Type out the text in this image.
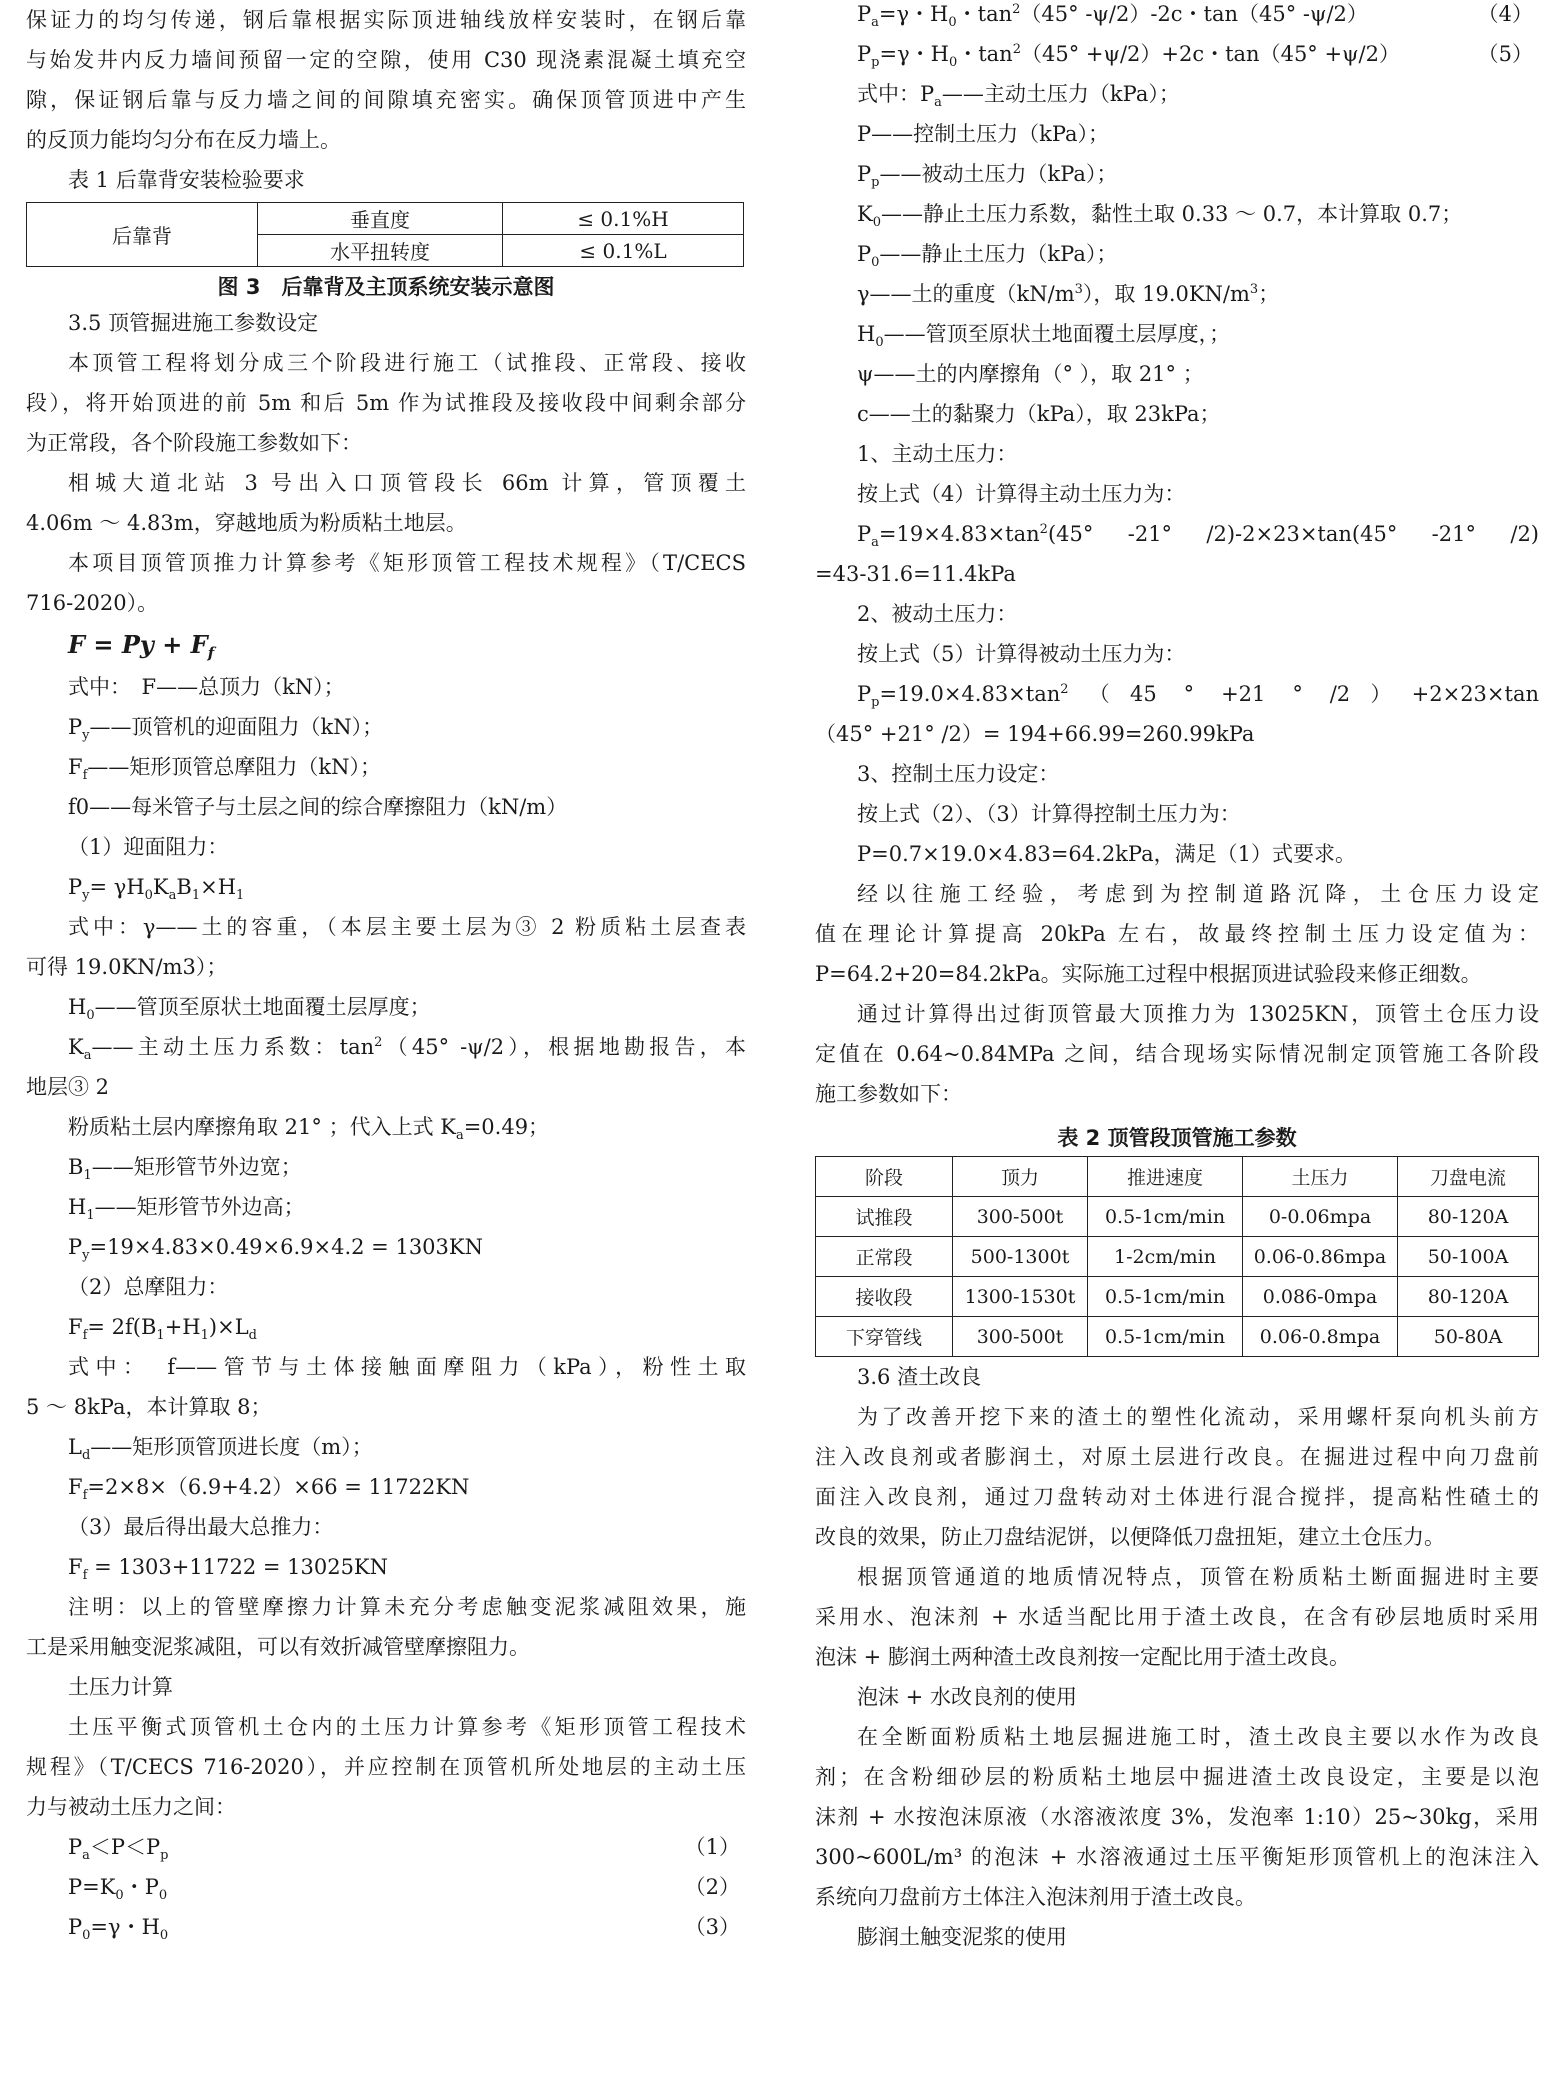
保证力的均匀传递，钢后靠根据实际顶进轴线放样安装时，在钢后靠

与始发井内反力墙间预留一定的空隙，使用 C30 现浇素混凝土填充空

隙，保证钢后靠与反力墙之间的间隙填充密实。确保顶管顶进中产生

的反顶力能均匀分布在反力墙上。

表 1 后靠背安装检验要求

后靠背	垂直度	≤ 0.1%H
	水平扭转度	≤ 0.1%L

图 3　后靠背及主顶系统安装示意图

3.5 顶管掘进施工参数设定

本顶管工程将划分成三个阶段进行施工（试推段、正常段、接收

段），将开始顶进的前 5m 和后 5m 作为试推段及接收段中间剩余部分

为正常段，各个阶段施工参数如下：

相城大道北站 3 号出入口顶管段长 66m 计算，管顶覆土

4.06m ～ 4.83m，穿越地质为粉质粘土地层。

本项目顶管顶推力计算参考《矩形顶管工程技术规程》（T/CECS

716-2020）。

$F = Py + F_f$

式中：　F——总顶力（kN）；

$P_y——$顶管机的迎面阻力（kN）；

$F_f——$矩形顶管总摩阻力（kN）；

f0——每米管子与土层之间的综合摩擦阻力（kN/m）

（1）迎面阻力：

$P_y= \gamma H_0K_aB_1\times H_1$

式中：γ——土的容重，（本层主要土层为③ 2 粉质粘土层查表

可得 19.0KN/m3）；

$H_0——$管顶至原状土地面覆土层厚度；

$K_a——$主动土压力系数：$\tan^2(45^\circ$ -ψ/2），根据地勘报告，本

地层③ 2

粉质粘土层内摩擦角取 21° ；代入上式 $K_a=0.49$；

$B_1——$矩形管节外边宽；

$H_1——$矩形管节外边高；

$P_y=19\times 4.83\times 0.49\times 6.9\times 4.2 = 1303KN$

（2）总摩阻力：

$F_f= 2f(B_1+H_1)\times L_d$

式中：　f——管节与土体接触面摩阻力（kPa），粉性土取

5 ～ 8kPa，本计算取 8；

$L_d——$矩形顶管顶进长度（m）；

$F_f=2\times 8\times(6.9+4.2)\times 66 = 11722KN$

（3）最后得出最大总推力：

$F_f = 1303+11722 = 13025KN$

注明：以上的管壁摩擦力计算未充分考虑触变泥浆减阻效果，施

工是采用触变泥浆减阻，可以有效折减管壁摩擦阻力。

土压力计算

土压平衡式顶管机土仓内的土压力计算参考《矩形顶管工程技术

规程》（T/CECS 716-2020），并应控制在顶管机所处地层的主动土压

力与被动土压力之间：

$P_a<P<P_p$	（1）

$P=K_0$・$P_0$	（2）

$P_0=\gamma$・$H_0$	（3）

$P_a=\gamma$・$H_0$・$\tan^2(45^\circ$ -ψ/2）-2c・tan（45° -ψ/2）	（4）

$P_p=\gamma$・$H_0$・$\tan^2(45^\circ +\psi/2)+2c$・tan（45° +ψ/2）	（5）

式中：$P_a——$主动土压力（kPa）；

P——控制土压力（kPa）；

$P_p——$被动土压力（kPa）；

$K_0——$静止土压力系数，黏性土取 0.33 ～ 0.7，本计算取 0.7；

$P_0——$静止土压力（kPa）；

γ——土的重度$(kN/m^3)$，取 $19.0KN/m^3$；

$H_0——$管顶至原状土地面覆土层厚度，；

ψ——土的内摩擦角（° ），取 21° ；

c——土的黏聚力（kPa），取 23kPa；

1、主动土压力：

按上式（4）计算得主动土压力为：

$P_a=19\times 4.83\times\tan^2(45^\circ$ -21° /2)-2×23×tan(45° -21° /2)

=43-31.6=11.4kPa

2、被动土压力：

按上式（5）计算得被动土压力为：

$P_p=19.0\times 4.83\times\tan^2(45$ ° +21 ° /2）+2×23×tan

（45° +21° /2）= 194+66.99=260.99kPa

3、控制土压力设定：

按上式（2）、（3）计算得控制土压力为：

P=0.7×19.0×4.83=64.2kPa，满足（1）式要求。

经以往施工经验，考虑到为控制道路沉降，土仓压力设定

值在理论计算提高 20kPa 左右，故最终控制土压力设定值为：

P=64.2+20=84.2kPa。实际施工过程中根据顶进试验段来修正细数。

通过计算得出过街顶管最大顶推力为 13025KN，顶管土仓压力设

定值在 0.64~0.84MPa 之间，结合现场实际情况制定顶管施工各阶段

施工参数如下：

表 2 顶管段顶管施工参数
阶段	顶力	推进速度	土压力	刀盘电流
试推段	300-500t	0.5-1cm/min	0-0.06mpa	80-120A
正常段	500-1300t	1-2cm/min	0.06-0.86mpa	50-100A
接收段	1300-1530t	0.5-1cm/min	0.086-0mpa	80-120A
下穿管线	300-500t	0.5-1cm/min	0.06-0.8mpa	50-80A

3.6 渣土改良

为了改善开挖下来的渣土的塑性化流动，采用螺杆泵向机头前方

注入改良剂或者膨润土，对原土层进行改良。在掘进过程中向刀盘前

面注入改良剂，通过刀盘转动对土体进行混合搅拌，提高粘性碴土的

改良的效果，防止刀盘结泥饼，以便降低刀盘扭矩，建立土仓压力。

根据顶管通道的地质情况特点，顶管在粉质粘土断面掘进时主要

采用水、泡沫剂 + 水适当配比用于渣土改良，在含有砂层地质时采用

泡沫 + 膨润土两种渣土改良剂按一定配比用于渣土改良。

泡沫 + 水改良剂的使用

在全断面粉质粘土地层掘进施工时，渣土改良主要以水作为改良

剂；在含粉细砂层的粉质粘土地层中掘进渣土改良设定，主要是以泡

沫剂 + 水按泡沫原液（水溶液浓度 3%，发泡率 1:10）25~30kg，采用

300~600L/m³ 的泡沫 + 水溶液通过土压平衡矩形顶管机上的泡沫注入

系统向刀盘前方土体注入泡沫剂用于渣土改良。

膨润土触变泥浆的使用
